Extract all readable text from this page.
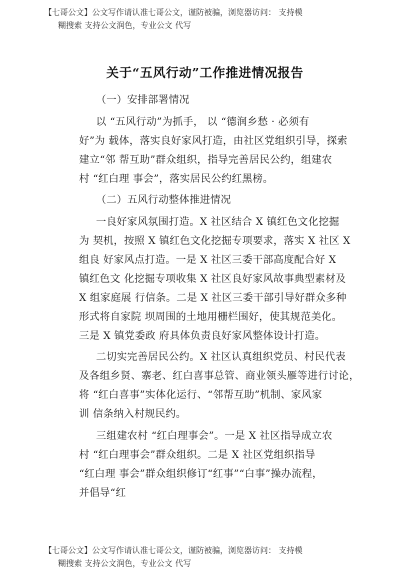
【七哥公文】公文写作请认准七哥公文，谨防被骗，浏览器访问： 支持模
糊搜索 支持公文润色，专业公文 代写
关于“五风行动”工作推进情况报告
（一）安排部署情况
以 “五风行动”为抓手， 以 “德润乡愁 · 必须有
好”为 载体，落实良好家风打造，由社区党组织引导，探索
建立“邻 帮互助”群众组织，指导完善居民公约，组建农
村 “红白理 事会”，落实居民公约红黑榜。
（二）五风行动整体推进情况
一良好家风氛围打造。X 社区结合 X 镇红色文化挖掘
为 契机，按照 X 镇红色文化挖掘专项要求，落实 X 社区 X
组良 好家风点打造。一是 X 社区三委干部高度配合好 X
镇红色文 化挖掘专项收集 X 社区良好家风故事典型素材及
X 组家庭展 行信条。二是 X 社区三委干部引导好群众多种
形式将自家院 坝周围的土地用栅栏围好，使其规范美化。
三是 X 镇党委政 府具体负责良好家风整体设计打造。
二切实完善居民公约。X 社区认真组织党员、村民代表
及各组乡贤、寨老、红白喜事总管、商业领头雁等进行讨论，
将 “红白喜事”实体化运行、“邻帮互助”机制、家风家
训 信条纳入村规民约。
三组建农村 “红白理事会”。一是 X 社区指导成立农
村 “红白理事会”群众组织。二是 X 社区党组织指导
“红白理 事会”群众组织修订“红事”“白事”操办流程，
并倡导“红
【七哥公文】公文写作请认准七哥公文，谨防被骗，浏览器访问： 支持模
糊搜索 支持公文润色，专业公文 代写
